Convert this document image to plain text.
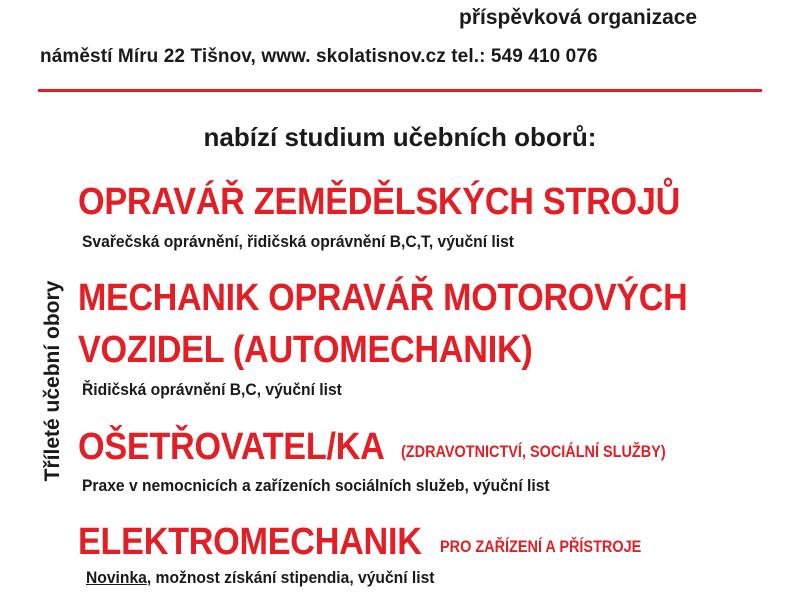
příspěvková organizace
náměstí Míru 22 Tišnov, www. skolatisnov.cz tel.: 549 410 076
nabízí studium učebních oborů:
Tříleté učební obory
OPRAVÁŘ ZEMĚDĚLSKÝCH STROJŮ
Svařečská oprávnění, řidičská oprávnění B,C,T, výuční list
MECHANIK OPRAVÁŘ MOTOROVÝCH
VOZIDEL (AUTOMECHANIK)
Řidičská oprávnění B,C, výuční list
OŠETŘOVATEL/KA (ZDRAVOTNICTVÍ, SOCIÁLNÍ SLUŽBY)
Praxe v nemocnicích a zařízeních sociálních služeb, výuční list
ELEKTROMECHANIK PRO ZAŘÍZENÍ A PŘÍSTROJE
Novinka, možnost získání stipendia, výuční list
